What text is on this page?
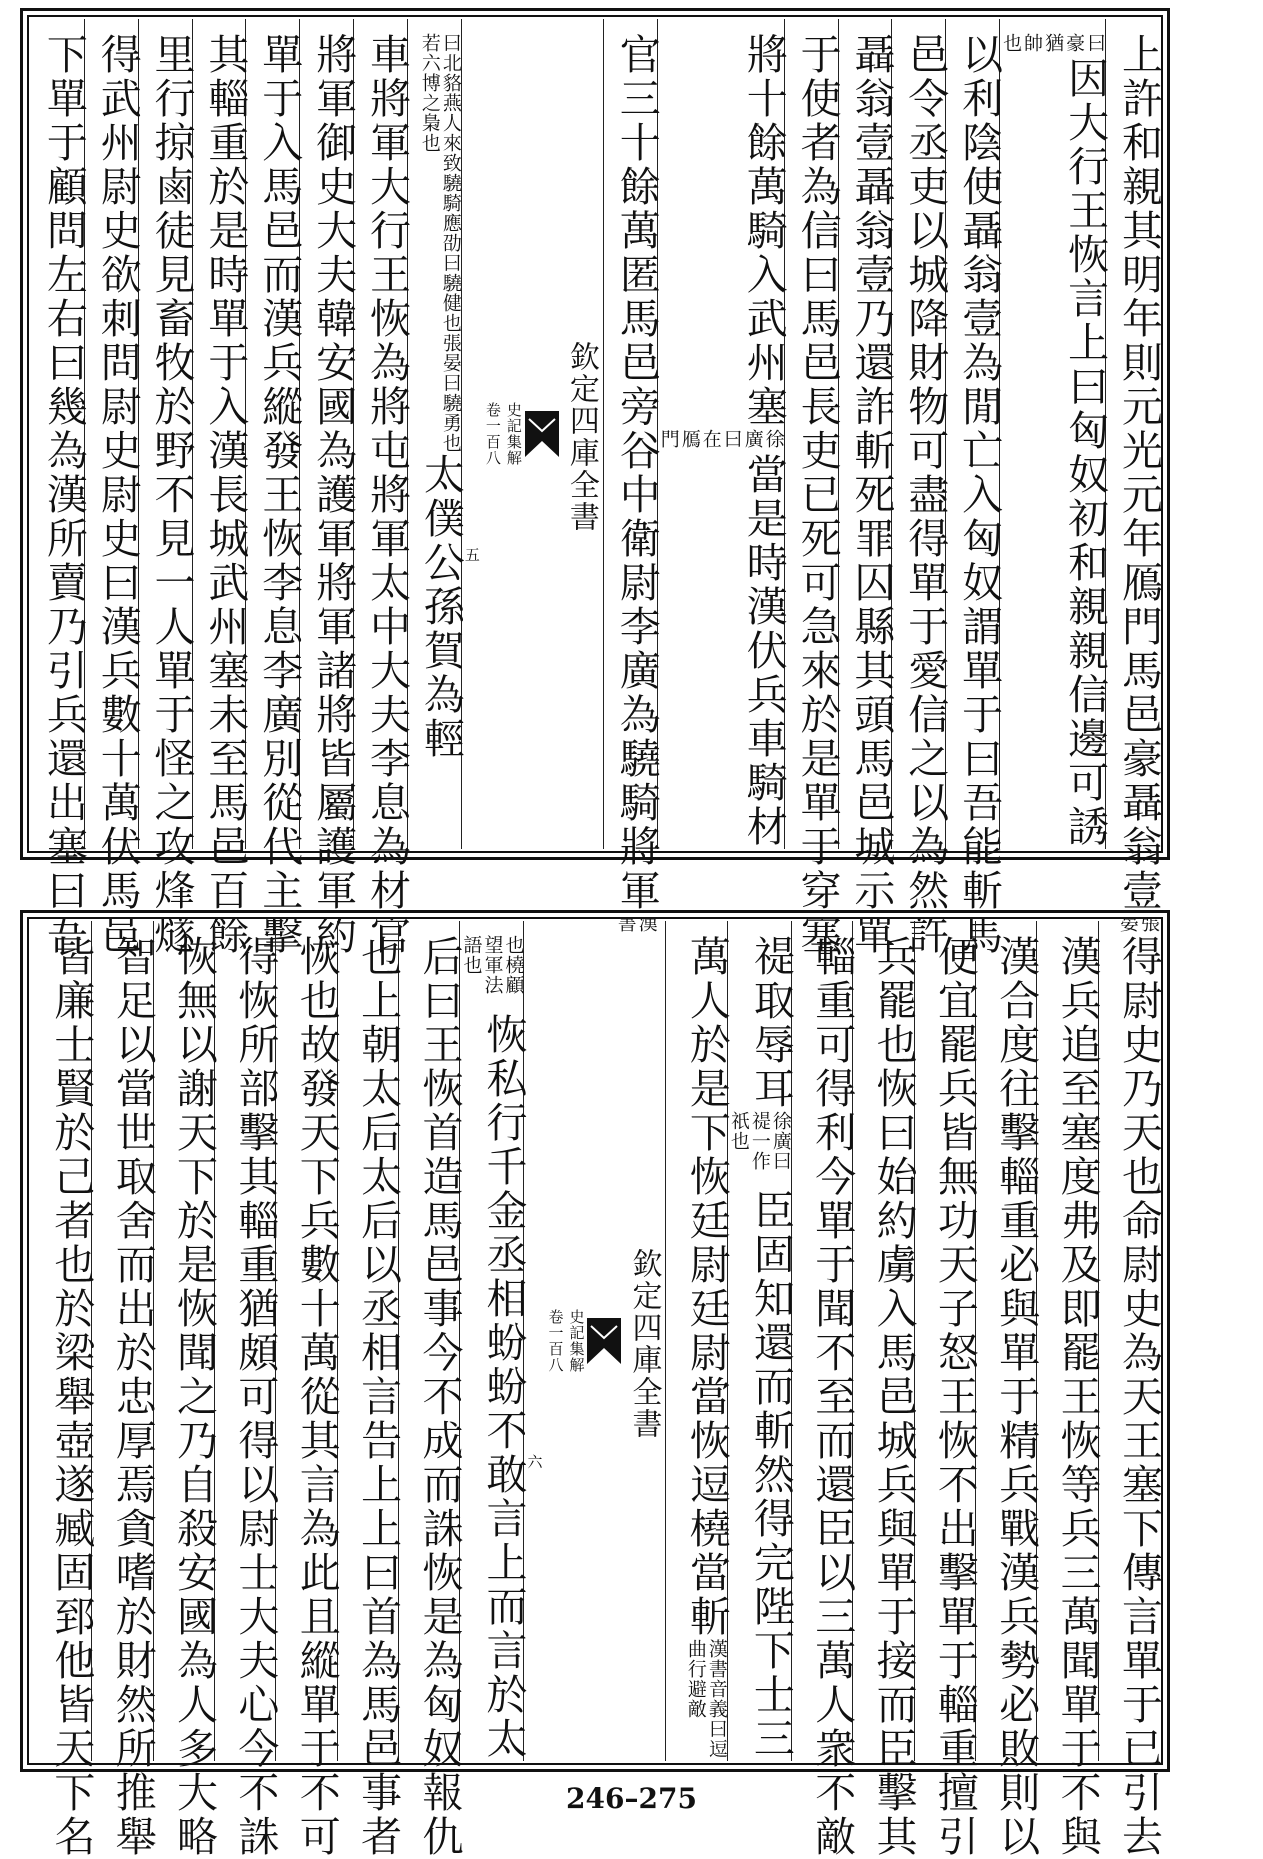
上許和親其明年則元光元年鴈門馬邑豪聶翁壹
張晏
曰豪猶帥也
因大行王恢言上曰匈奴初和親親信邊可誘
以利陰使聶翁壹為閒亡入匈奴謂單于曰吾能斬馬
邑令丞吏以城降財物可盡得單于愛信之以為然許
聶翁壹聶翁壹乃還詐斬死罪囚縣其頭馬邑城示單
于使者為信曰馬邑長吏已死可急來於是單于穿塞
將十餘萬騎入武州塞
徐廣曰在鴈門
當是時漢伏兵車騎材
官三十餘萬匿馬邑旁谷中衛尉李廣為驍騎將軍
漢書
欽定四庫全書
史記集解
卷一百八
五
曰北貉燕人來致驍騎應劭曰驍健也張晏曰驍勇也若六博之梟也
太僕公孫賀為輕
車將軍大行王恢為將屯將軍太中大夫李息為材官
將軍御史大夫韓安國為護軍將軍諸將皆屬護軍約
單于入馬邑而漢兵縱發王恢李息李廣別從代主擊
其輜重於是時單于入漢長城武州塞未至馬邑百餘
里行掠鹵徒見畜牧於野不見一人單于怪之攻烽燧
得武州尉史欲刺問尉史尉史曰漢兵數十萬伏馬邑
下單于顧問左右曰幾為漢所賣乃引兵還出塞曰吾
得尉史乃天也命尉史為天王塞下傳言單于已引去
漢兵追至塞度弗及即罷王恢等兵三萬聞單于不與
漢合度往擊輜重必與單于精兵戰漢兵勢必敗則以
便宜罷兵皆無功天子怒王恢不出擊單于輜重擅引
兵罷也恢曰始約虜入馬邑城兵與單于接而臣擊其
輜重可得利今單于聞不至而還臣以三萬人衆不敵
禔取辱耳
徐廣曰禔一作祇也
臣固知還而斬然得完陛下士三
萬人於是下恢廷尉廷尉當恢逗橈當斬
漢書音義曰逗曲行避敵
欽定四庫全書
史記集解
卷一百八
六
也橈顧望軍法語也
恢私行千金丞相蚡蚡不敢言上而言於太
后曰王恢首造馬邑事今不成而誅恢是為匈奴報仇
也上朝太后太后以丞相言告上上曰首為馬邑事者
恢也故發天下兵數十萬從其言為此且縱單于不可
得恢所部擊其輜重猶頗可得以尉士大夫心今不誅
恢無以謝天下於是恢聞之乃自殺安國為人多大略
智足以當世取舍而出於忠厚焉貪嗜於財然所推舉
皆廉士賢於己者也於梁舉壺遂臧固郅他皆天下名	246–275
